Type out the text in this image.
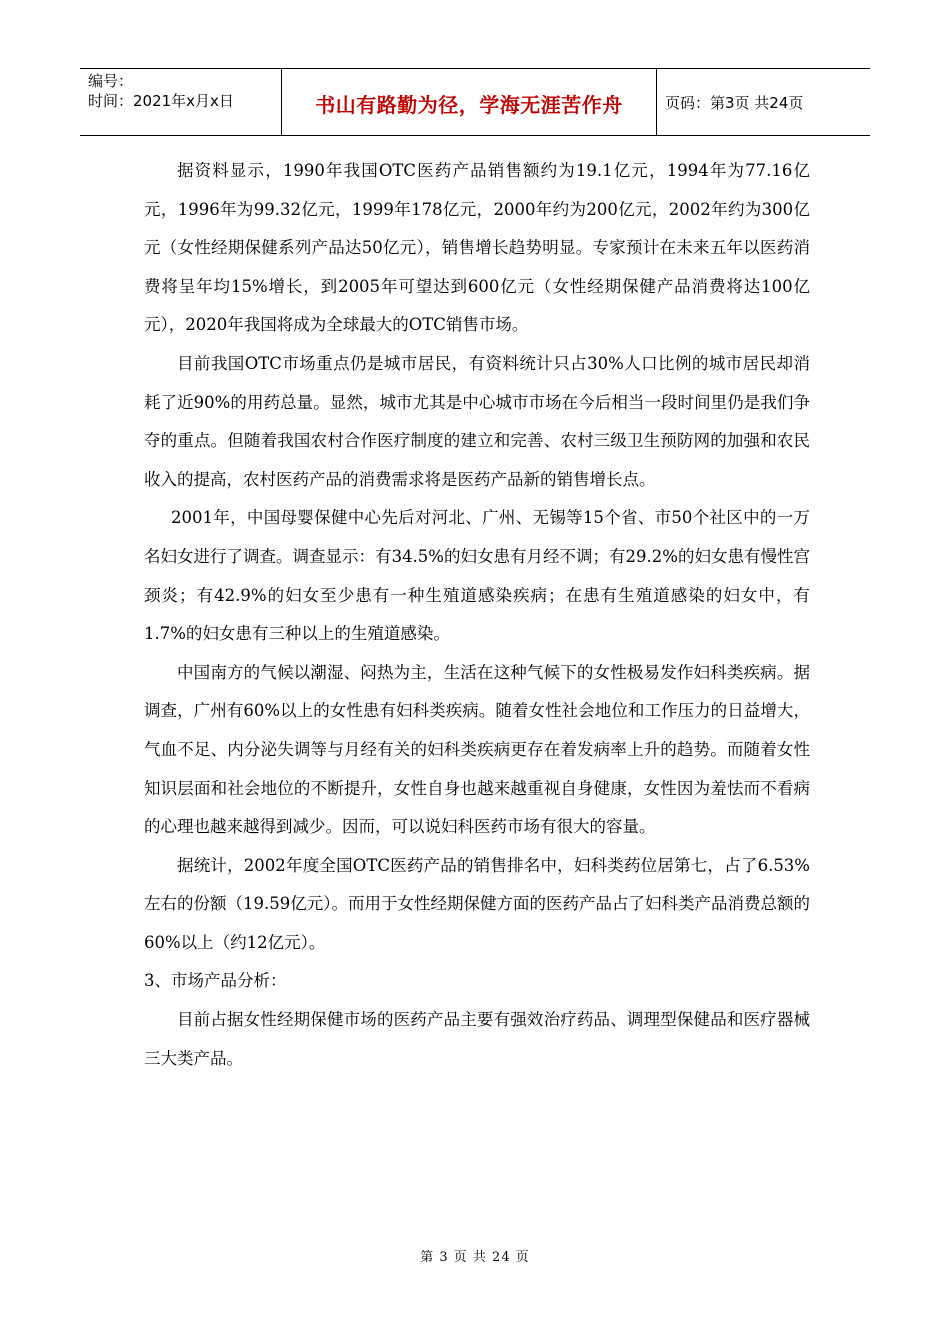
编号：
时间：2021年x月x日	书山有路勤为径，学海无涯苦作舟	页码：第3页 共24页

据资料显示，1990年我国OTC医药产品销售额约为19.1亿元，1994年为77.16亿元，1996年为99.32亿元，1999年178亿元，2000年约为200亿元，2002年约为300亿元（女性经期保健系列产品达50亿元），销售增长趋势明显。专家预计在未来五年以医药消费将呈年均15%增长，到2005年可望达到600亿元（女性经期保健产品消费将达100亿元），2020年我国将成为全球最大的OTC销售市场。

目前我国OTC市场重点仍是城市居民，有资料统计只占30%人口比例的城市居民却消耗了近90%的用药总量。显然，城市尤其是中心城市市场在今后相当一段时间里仍是我们争夺的重点。但随着我国农村合作医疗制度的建立和完善、农村三级卫生预防网的加强和农民收入的提高，农村医药产品的消费需求将是医药产品新的销售增长点。

2001年，中国母婴保健中心先后对河北、广州、无锡等15个省、市50个社区中的一万名妇女进行了调查。调查显示：有34.5%的妇女患有月经不调；有29.2%的妇女患有慢性宫颈炎；有42.9%的妇女至少患有一种生殖道感染疾病；在患有生殖道感染的妇女中，有1.7%的妇女患有三种以上的生殖道感染。

中国南方的气候以潮湿、闷热为主，生活在这种气候下的女性极易发作妇科类疾病。据调查，广州有60%以上的女性患有妇科类疾病。随着女性社会地位和工作压力的日益增大，气血不足、内分泌失调等与月经有关的妇科类疾病更存在着发病率上升的趋势。而随着女性知识层面和社会地位的不断提升，女性自身也越来越重视自身健康，女性因为羞怯而不看病的心理也越来越得到减少。因而，可以说妇科医药市场有很大的容量。

据统计，2002年度全国OTC医药产品的销售排名中，妇科类药位居第七，占了6.53%左右的份额（19.59亿元）。而用于女性经期保健方面的医药产品占了妇科类产品消费总额的60%以上（约12亿元）。

3、市场产品分析：

目前占据女性经期保健市场的医药产品主要有强效治疗药品、调理型保健品和医疗器械三大类产品。

第 3 页 共 24 页
